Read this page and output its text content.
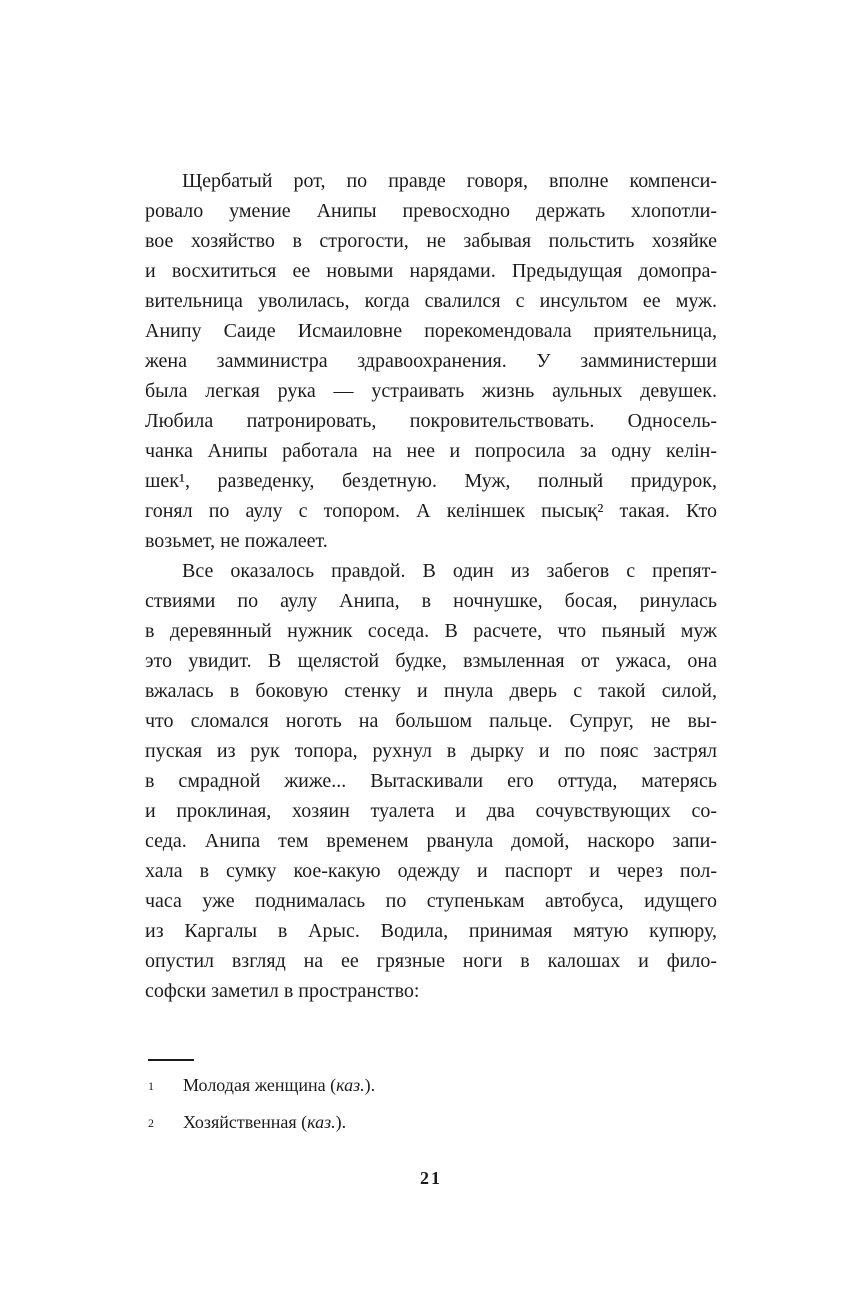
Щербатый рот, по правде говоря, вполне компенси-
ровало умение Анипы превосходно держать хлопотли-
вое хозяйство в строгости, не забывая польстить хозяйке
и восхититься ее новыми нарядами. Предыдущая домопра-
вительница уволилась, когда свалился с инсультом ее муж.
Анипу Саиде Исмаиловне порекомендовала приятельница,
жена замминистра здравоохранения. У замминистерши
была легкая рука — устраивать жизнь аульных девушек.
Любила патронировать, покровительствовать. Односель-
чанка Анипы работала на нее и попросила за одну келін-
шек¹, разведенку, бездетную. Муж, полный придурок,
гонял по аулу с топором. А келіншек пысық² такая. Кто
возьмет, не пожалеет.
Все оказалось правдой. В один из забегов с препят-
ствиями по аулу Анипа, в ночнушке, босая, ринулась
в деревянный нужник соседа. В расчете, что пьяный муж
это увидит. В щелястой будке, взмыленная от ужаса, она
вжалась в боковую стенку и пнула дверь с такой силой,
что сломался ноготь на большом пальце. Супруг, не вы-
пуская из рук топора, рухнул в дырку и по пояс застрял
в смрадной жиже... Вытаскивали его оттуда, матерясь
и проклиная, хозяин туалета и два сочувствующих со-
седа. Анипа тем временем рванула домой, наскоро запи-
хала в сумку кое-какую одежду и паспорт и через пол-
часа уже поднималась по ступенькам автобуса, идущего
из Каргалы в Арыс. Водила, принимая мятую купюру,
опустил взгляд на ее грязные ноги в калошах и фило-
софски заметил в пространство:
1 Молодая женщина (каз.).
2 Хозяйственная (каз.).
21
